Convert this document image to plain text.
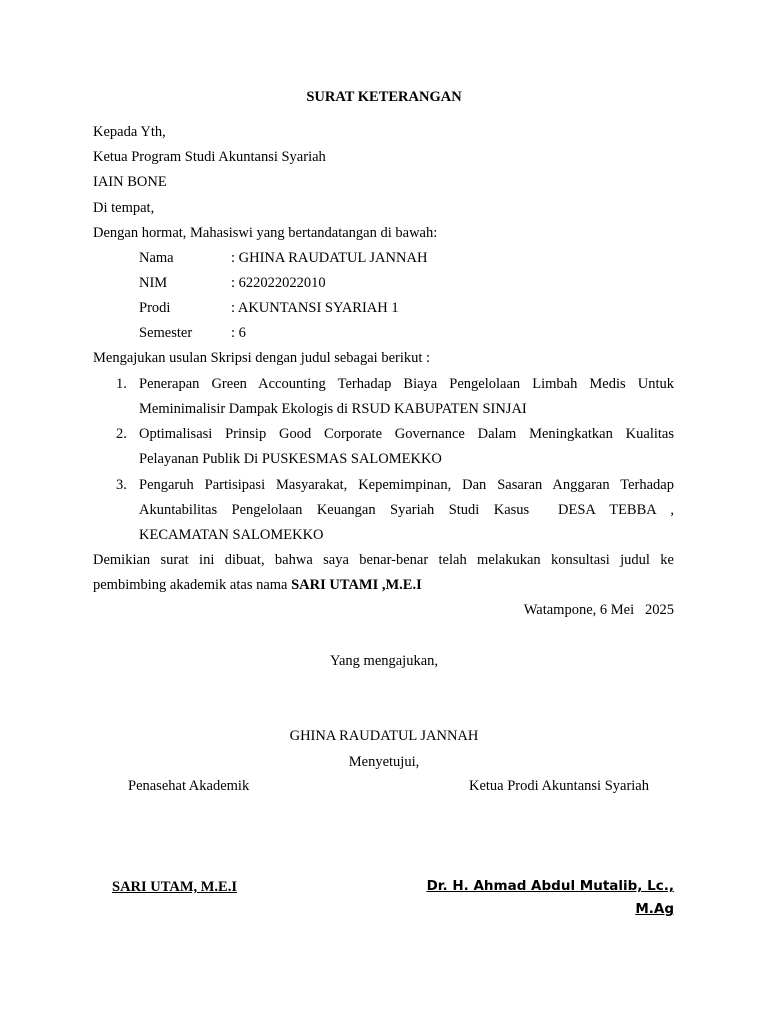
SURAT KETERANGAN
Kepada Yth,
Ketua Program Studi Akuntansi Syariah
IAIN BONE
Di tempat,
Dengan hormat, Mahasiswi yang bertandatangan di bawah:
Nama	: GHINA RAUDATUL JANNAH
NIM	: 622022022010
Prodi	: AKUNTANSI SYARIAH 1
Semester	: 6
Mengajukan usulan Skripsi dengan judul sebagai berikut :
1. Penerapan Green Accounting Terhadap Biaya Pengelolaan Limbah Medis Untuk
Meminimalisir Dampak Ekologis di RSUD KABUPATEN SINJAI
2. Optimalisasi Prinsip Good Corporate Governance Dalam Meningkatkan Kualitas
Pelayanan Publik Di PUSKESMAS SALOMEKKO
3. Pengaruh Partisipasi Masyarakat, Kepemimpinan, Dan Sasaran Anggaran Terhadap
Akuntabilitas Pengelolaan Keuangan Syariah Studi Kasus  DESA TEBBA ,
KECAMATAN SALOMEKKO
Demikian surat ini dibuat, bahwa saya benar-benar telah melakukan konsultasi judul ke
pembimbing akademik atas nama SARI UTAMI ,M.E.I
Watampone, 6 Mei   2025
Yang mengajukan,
GHINA RAUDATUL JANNAH
Menyetujui,
Penasehat Akademik	Ketua Prodi Akuntansi Syariah
SARI UTAM, M.E.I	Dr. H. Ahmad Abdul Mutalib, Lc.,
M.Ag
